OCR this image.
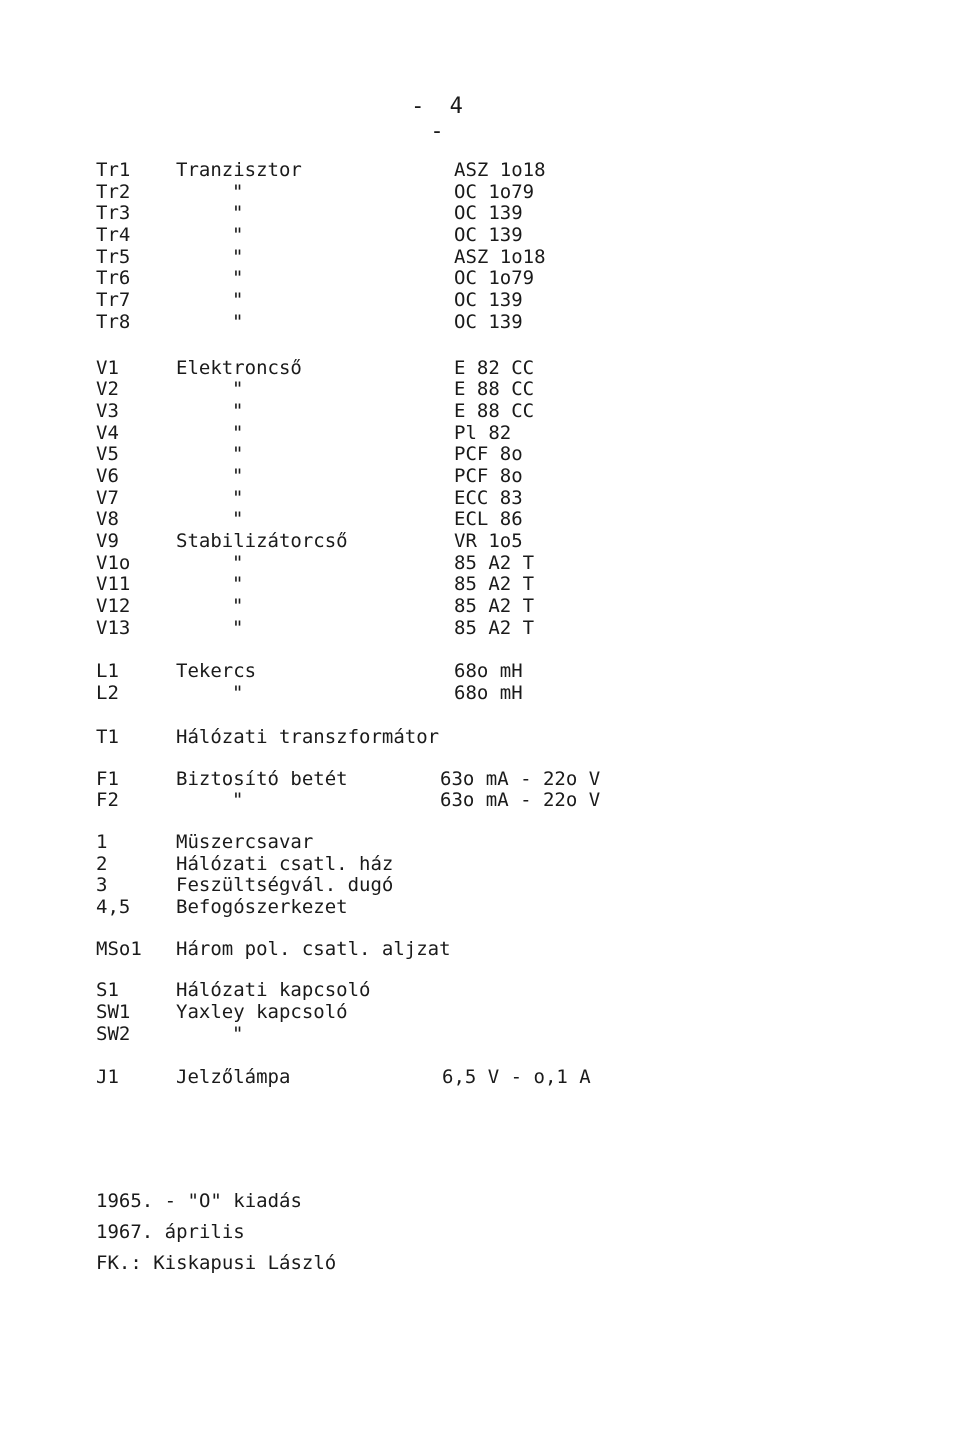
- 4 -
Tr1 Tranzisztor	ASZ 1o18
Tr2	"	OC 1o79
Tr3	"	OC 139
Tr4	"	OC 139
Tr5	"	ASZ 1o18
Tr6	"	OC 1o79
Tr7	"	OC 139
Tr8	"	OC 139
V1	Elektroncső	E 82 CC
V2	"	E 88 CC
V3	"	E 88 CC
V4	"	Pl 82
V5	"	PCF 8o
V6	"	PCF 8o
V7	"	ECC 83
V8	"	ECL 86
V9	Stabilizátorcső	VR 1o5
V1o	"	85 A2 T
V11	"	85 A2 T
V12	"	85 A2 T
V13	"	85 A2 T
L1	Tekercs	68o mH
L2	"	68o mH
T1	Hálózati transzformátor
F1	Biztosító betét	63o mA - 22o V
F2	"	63o mA - 22o V
1	Müszercsavar
2	Hálózati csatl. ház
3	Feszültségvál. dugó
4,5 Befogószerkezet
MSo1 Három pol. csatl. aljzat
S1	Hálózati kapcsoló
SW1 Yaxley kapcsoló
SW2	"
J1	Jelzőlámpa	6,5 V - o,1 A
1965. - "O" kiadás
1967. április
FK.: Kiskapusi László
